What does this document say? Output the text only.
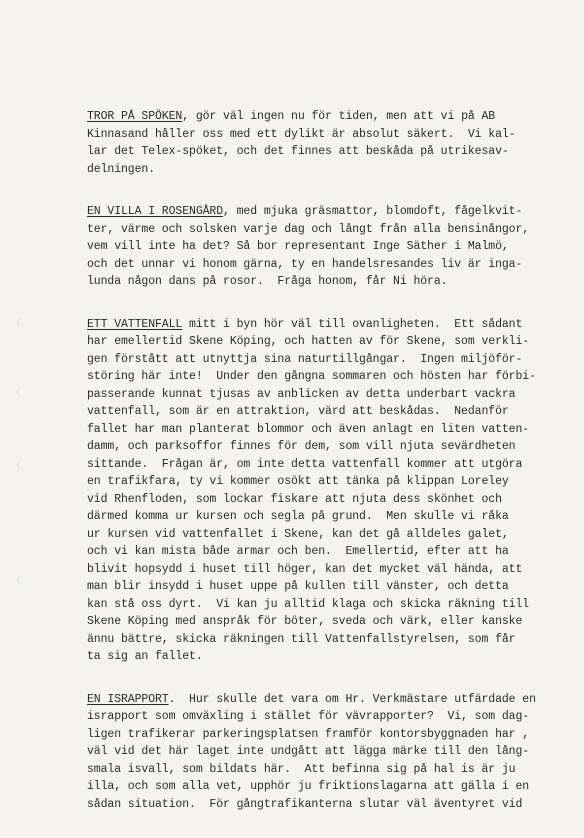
TROR PÅ SPÖKEN, gör väl ingen nu för tiden, men att vi på AB
Kinnasand håller oss med ett dylikt är absolut säkert.  Vi kal-
lar det Telex-spöket, och det finnes att beskåda på utrikesav-
delningen.
EN VILLA I ROSENGÅRD, med mjuka gräsmattor, blomdoft, fågelkvit-
ter, värme och solsken varje dag och långt från alla bensinångor,
vem vill inte ha det? Så bor representant Inge Säther i Malmö,
och det unnar vi honom gärna, ty en handelsresandes liv är inga-
lunda någon dans på rosor.  Fråga honom, får Ni höra.
ETT VATTENFALL mitt i byn hör väl till ovanligheten.  Ett sådant
har emellertid Skene Köping, och hatten av för Skene, som verkli-
gen förstått att utnyttja sina naturtillgångar.  Ingen miljöför-
störing här inte!  Under den gångna sommaren och hösten har förbi-
passerande kunnat tjusas av anblicken av detta underbart vackra
vattenfall, som är en attraktion, värd att beskådas.  Nedanför
fallet har man planterat blommor och även anlagt en liten vatten-
damm, och parksoffor finnes för dem, som vill njuta sevärdheten
sittande.  Frågan är, om inte detta vattenfall kommer att utgöra
en trafikfara, ty vi kommer osökt att tänka på klippan Loreley
vid Rhenfloden, som lockar fiskare att njuta dess skönhet och
därmed komma ur kursen och segla på grund.  Men skulle vi råka
ur kursen vid vattenfallet i Skene, kan det gå alldeles galet,
och vi kan mista både armar och ben.  Emellertid, efter att ha
blivit hopsydd i huset till höger, kan det mycket väl hända, att
man blir insydd i huset uppe på kullen till vänster, och detta
kan stå oss dyrt.  Vi kan ju alltid klaga och skicka räkning till
Skene Köping med anspråk för böter, sveda och värk, eller kanske
ännu bättre, skicka räkningen till Vattenfallstyrelsen, som får
ta sig an fallet.
EN ISRAPPORT.  Hur skulle det vara om Hr. Verkmästare utfärdade en
israpport som omväxling i stället för vävrapporter?  Vi, som dag-
ligen trafikerar parkeringsplatsen framför kontorsbyggnaden har ,
väl vid det här laget inte undgått att lägga märke till den lång-
smala isvall, som bildats här.  Att befinna sig på hal is är ju
illa, och som alla vet, upphör ju friktionslagarna att gälla i en
sådan situation.  För gångtrafikanterna slutar väl äventyret vid
